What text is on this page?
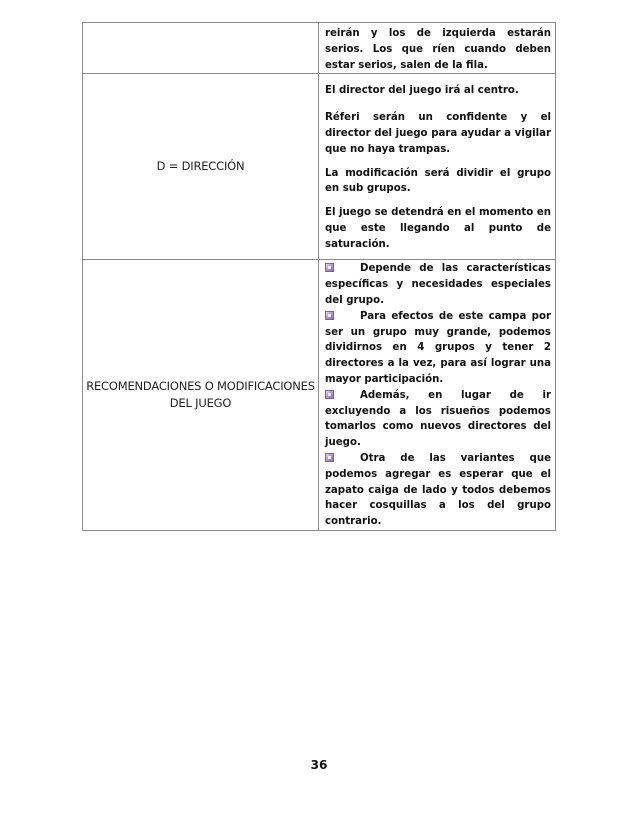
	reirán y los de izquierda estarán serios. Los que ríen cuando deben estar serios, salen de la fila.

D = DIRECCIÓN	El director del juego irá al centro.

Réferi serán un confidente y el director del juego para ayudar a vigilar que no haya trampas.

La modificación será dividir el grupo en sub grupos.

El juego se detendrá en el momento en que este llegando al punto de saturación.

RECOMENDACIONES O MODIFICACIONES DEL JUEGO	Depende de las características específicas y necesidades especiales del grupo.

Para efectos de este campa por ser un grupo muy grande, podemos dividirnos en 4 grupos y tener 2 directores a la vez, para así lograr una mayor participación.

Además, en lugar de ir excluyendo a los risueños podemos tomarlos como nuevos directores del juego.

Otra de las variantes que podemos agregar es esperar que el zapato caiga de lado y todos debemos hacer cosquillas a los del grupo contrario.

36
